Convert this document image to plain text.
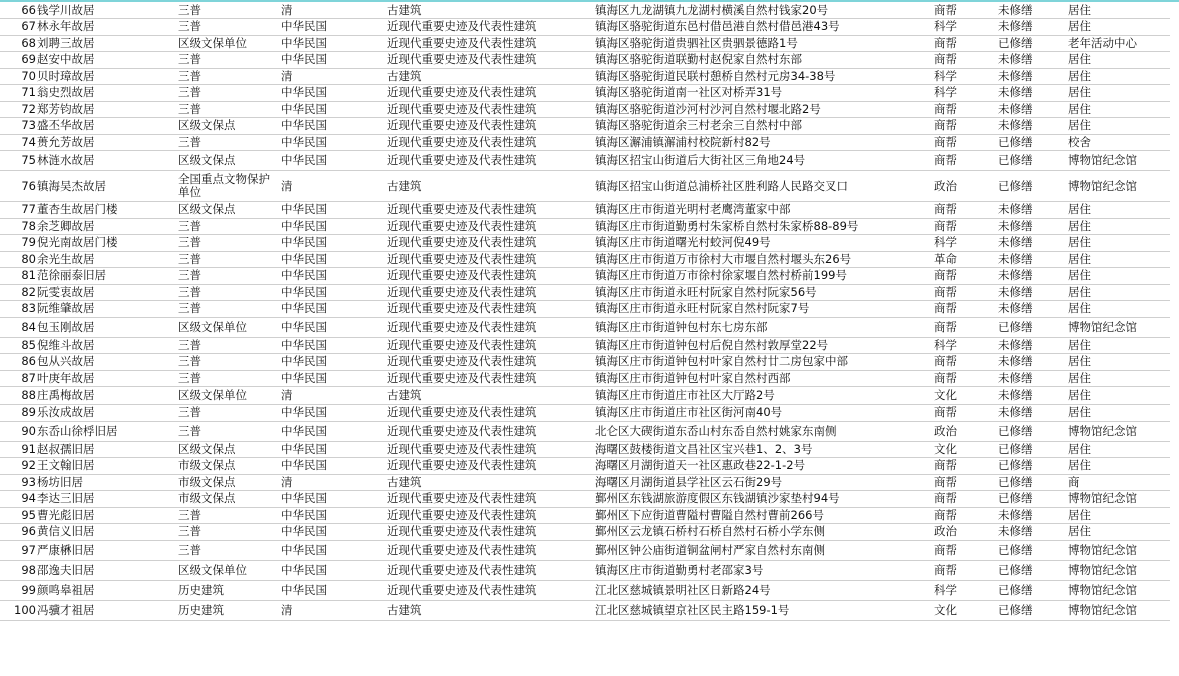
66	钱学川故居	三普	清	古建筑	镇海区九龙湖镇九龙湖村横溪自然村钱家20号	商帮	未修缮	居住
67	林永年故居	三普	中华民国	近现代重要史迹及代表性建筑	镇海区骆驼街道东邑村借邑港自然村借邑港43号	科学	未修缮	居住
68	刘聘三故居	区级文保单位	中华民国	近现代重要史迹及代表性建筑	镇海区骆驼街道贵驷社区贵驷景德路1号	商帮	已修缮	老年活动中心
69	赵安中故居	三普	中华民国	近现代重要史迹及代表性建筑	镇海区骆驼街道联勤村赵倪家自然村东部	商帮	未修缮	居住
70	贝时璋故居	三普	清	古建筑	镇海区骆驼街道民联村憩桥自然村元房34-38号	科学	未修缮	居住
71	翁史烈故居	三普	中华民国	近现代重要史迹及代表性建筑	镇海区骆驼街道南一社区对桥弄31号	科学	未修缮	居住
72	郑芳钧故居	三普	中华民国	近现代重要史迹及代表性建筑	镇海区骆驼街道沙河村沙河自然村堰北路2号	商帮	未修缮	居住
73	盛丕华故居	区级文保点	中华民国	近现代重要史迹及代表性建筑	镇海区骆驼街道余三村老余三自然村中部	商帮	未修缮	居住
74	蒉允芳故居	三普	中华民国	近现代重要史迹及代表性建筑	镇海区澥浦镇澥浦村校院新村82号	商帮	已修缮	校舍
75	林涟水故居	区级文保点	中华民国	近现代重要史迹及代表性建筑	镇海区招宝山街道后大街社区三角地24号	商帮	已修缮	博物馆纪念馆
76	镇海吴杰故居	全国重点文物保护单位	清	古建筑	镇海区招宝山街道总浦桥社区胜利路人民路交叉口	政治	已修缮	博物馆纪念馆
77	董杏生故居门楼	区级文保点	中华民国	近现代重要史迹及代表性建筑	镇海区庄市街道光明村老鹰湾董家中部	商帮	未修缮	居住
78	余芝卿故居	三普	中华民国	近现代重要史迹及代表性建筑	镇海区庄市街道勤勇村朱家桥自然村朱家桥88-89号	商帮	未修缮	居住
79	倪光南故居门楼	三普	中华民国	近现代重要史迹及代表性建筑	镇海区庄市街道曙光村蛟河倪49号	科学	未修缮	居住
80	余光生故居	三普	中华民国	近现代重要史迹及代表性建筑	镇海区庄市街道万市徐村大市堰自然村堰头东26号	革命	未修缮	居住
81	范徐丽泰旧居	三普	中华民国	近现代重要史迹及代表性建筑	镇海区庄市街道万市徐村徐家堰自然村桥前199号	商帮	未修缮	居住
82	阮雯衷故居	三普	中华民国	近现代重要史迹及代表性建筑	镇海区庄市街道永旺村阮家自然村阮家56号	商帮	未修缮	居住
83	阮维肇故居	三普	中华民国	近现代重要史迹及代表性建筑	镇海区庄市街道永旺村阮家自然村阮家7号	商帮	未修缮	居住
84	包玉刚故居	区级文保单位	中华民国	近现代重要史迹及代表性建筑	镇海区庄市街道钟包村东七房东部	商帮	已修缮	博物馆纪念馆
85	倪维斗故居	三普	中华民国	近现代重要史迹及代表性建筑	镇海区庄市街道钟包村后倪自然村敦厚堂22号	科学	未修缮	居住
86	包从兴故居	三普	中华民国	近现代重要史迹及代表性建筑	镇海区庄市街道钟包村叶家自然村廿二房包家中部	商帮	未修缮	居住
87	叶庚年故居	三普	中华民国	近现代重要史迹及代表性建筑	镇海区庄市街道钟包村叶家自然村西部	商帮	未修缮	居住
88	庄禹梅故居	区级文保单位	清	古建筑	镇海区庄市街道庄市社区大厅路2号	文化	未修缮	居住
89	乐汝成故居	三普	中华民国	近现代重要史迹及代表性建筑	镇海区庄市街道庄市社区街河南40号	商帮	未修缮	居住
90	东岙山徐桴旧居	三普	中华民国	近现代重要史迹及代表性建筑	北仑区大碶街道东岙山村东岙自然村姚家东南侧	政治	已修缮	博物馆纪念馆
91	赵叔孺旧居	区级文保点	中华民国	近现代重要史迹及代表性建筑	海曙区鼓楼街道文昌社区宝兴巷1、2、3号	文化	已修缮	居住
92	王文翰旧居	市级文保点	中华民国	近现代重要史迹及代表性建筑	海曙区月湖街道天一社区惠政巷22-1-2号	商帮	已修缮	居住
93	杨坊旧居	市级文保点	清	古建筑	海曙区月湖街道县学社区云石街29号	商帮	已修缮	商
94	李达三旧居	市级文保点	中华民国	近现代重要史迹及代表性建筑	鄞州区东钱湖旅游度假区东钱湖镇沙家垫村94号	商帮	已修缮	博物馆纪念馆
95	曹光彪旧居	三普	中华民国	近现代重要史迹及代表性建筑	鄞州区下应街道曹隘村曹隘自然村曹前266号	商帮	未修缮	居住
96	黄信义旧居	三普	中华民国	近现代重要史迹及代表性建筑	鄞州区云龙镇石桥村石桥自然村石桥小学东侧	政治	未修缮	居住
97	严康楙旧居	三普	中华民国	近现代重要史迹及代表性建筑	鄞州区钟公庙街道铜盆闸村严家自然村东南侧	商帮	已修缮	博物馆纪念馆
98	邵逸夫旧居	区级文保单位	中华民国	近现代重要史迹及代表性建筑	镇海区庄市街道勤勇村老邵家3号	商帮	已修缮	博物馆纪念馆
99	颜鸣皋祖居	历史建筑	中华民国	近现代重要史迹及代表性建筑	江北区慈城镇景明社区日新路24号	科学	已修缮	博物馆纪念馆
100	冯骥才祖居	历史建筑	清	古建筑	江北区慈城镇望京社区民主路159-1号	文化	已修缮	博物馆纪念馆
